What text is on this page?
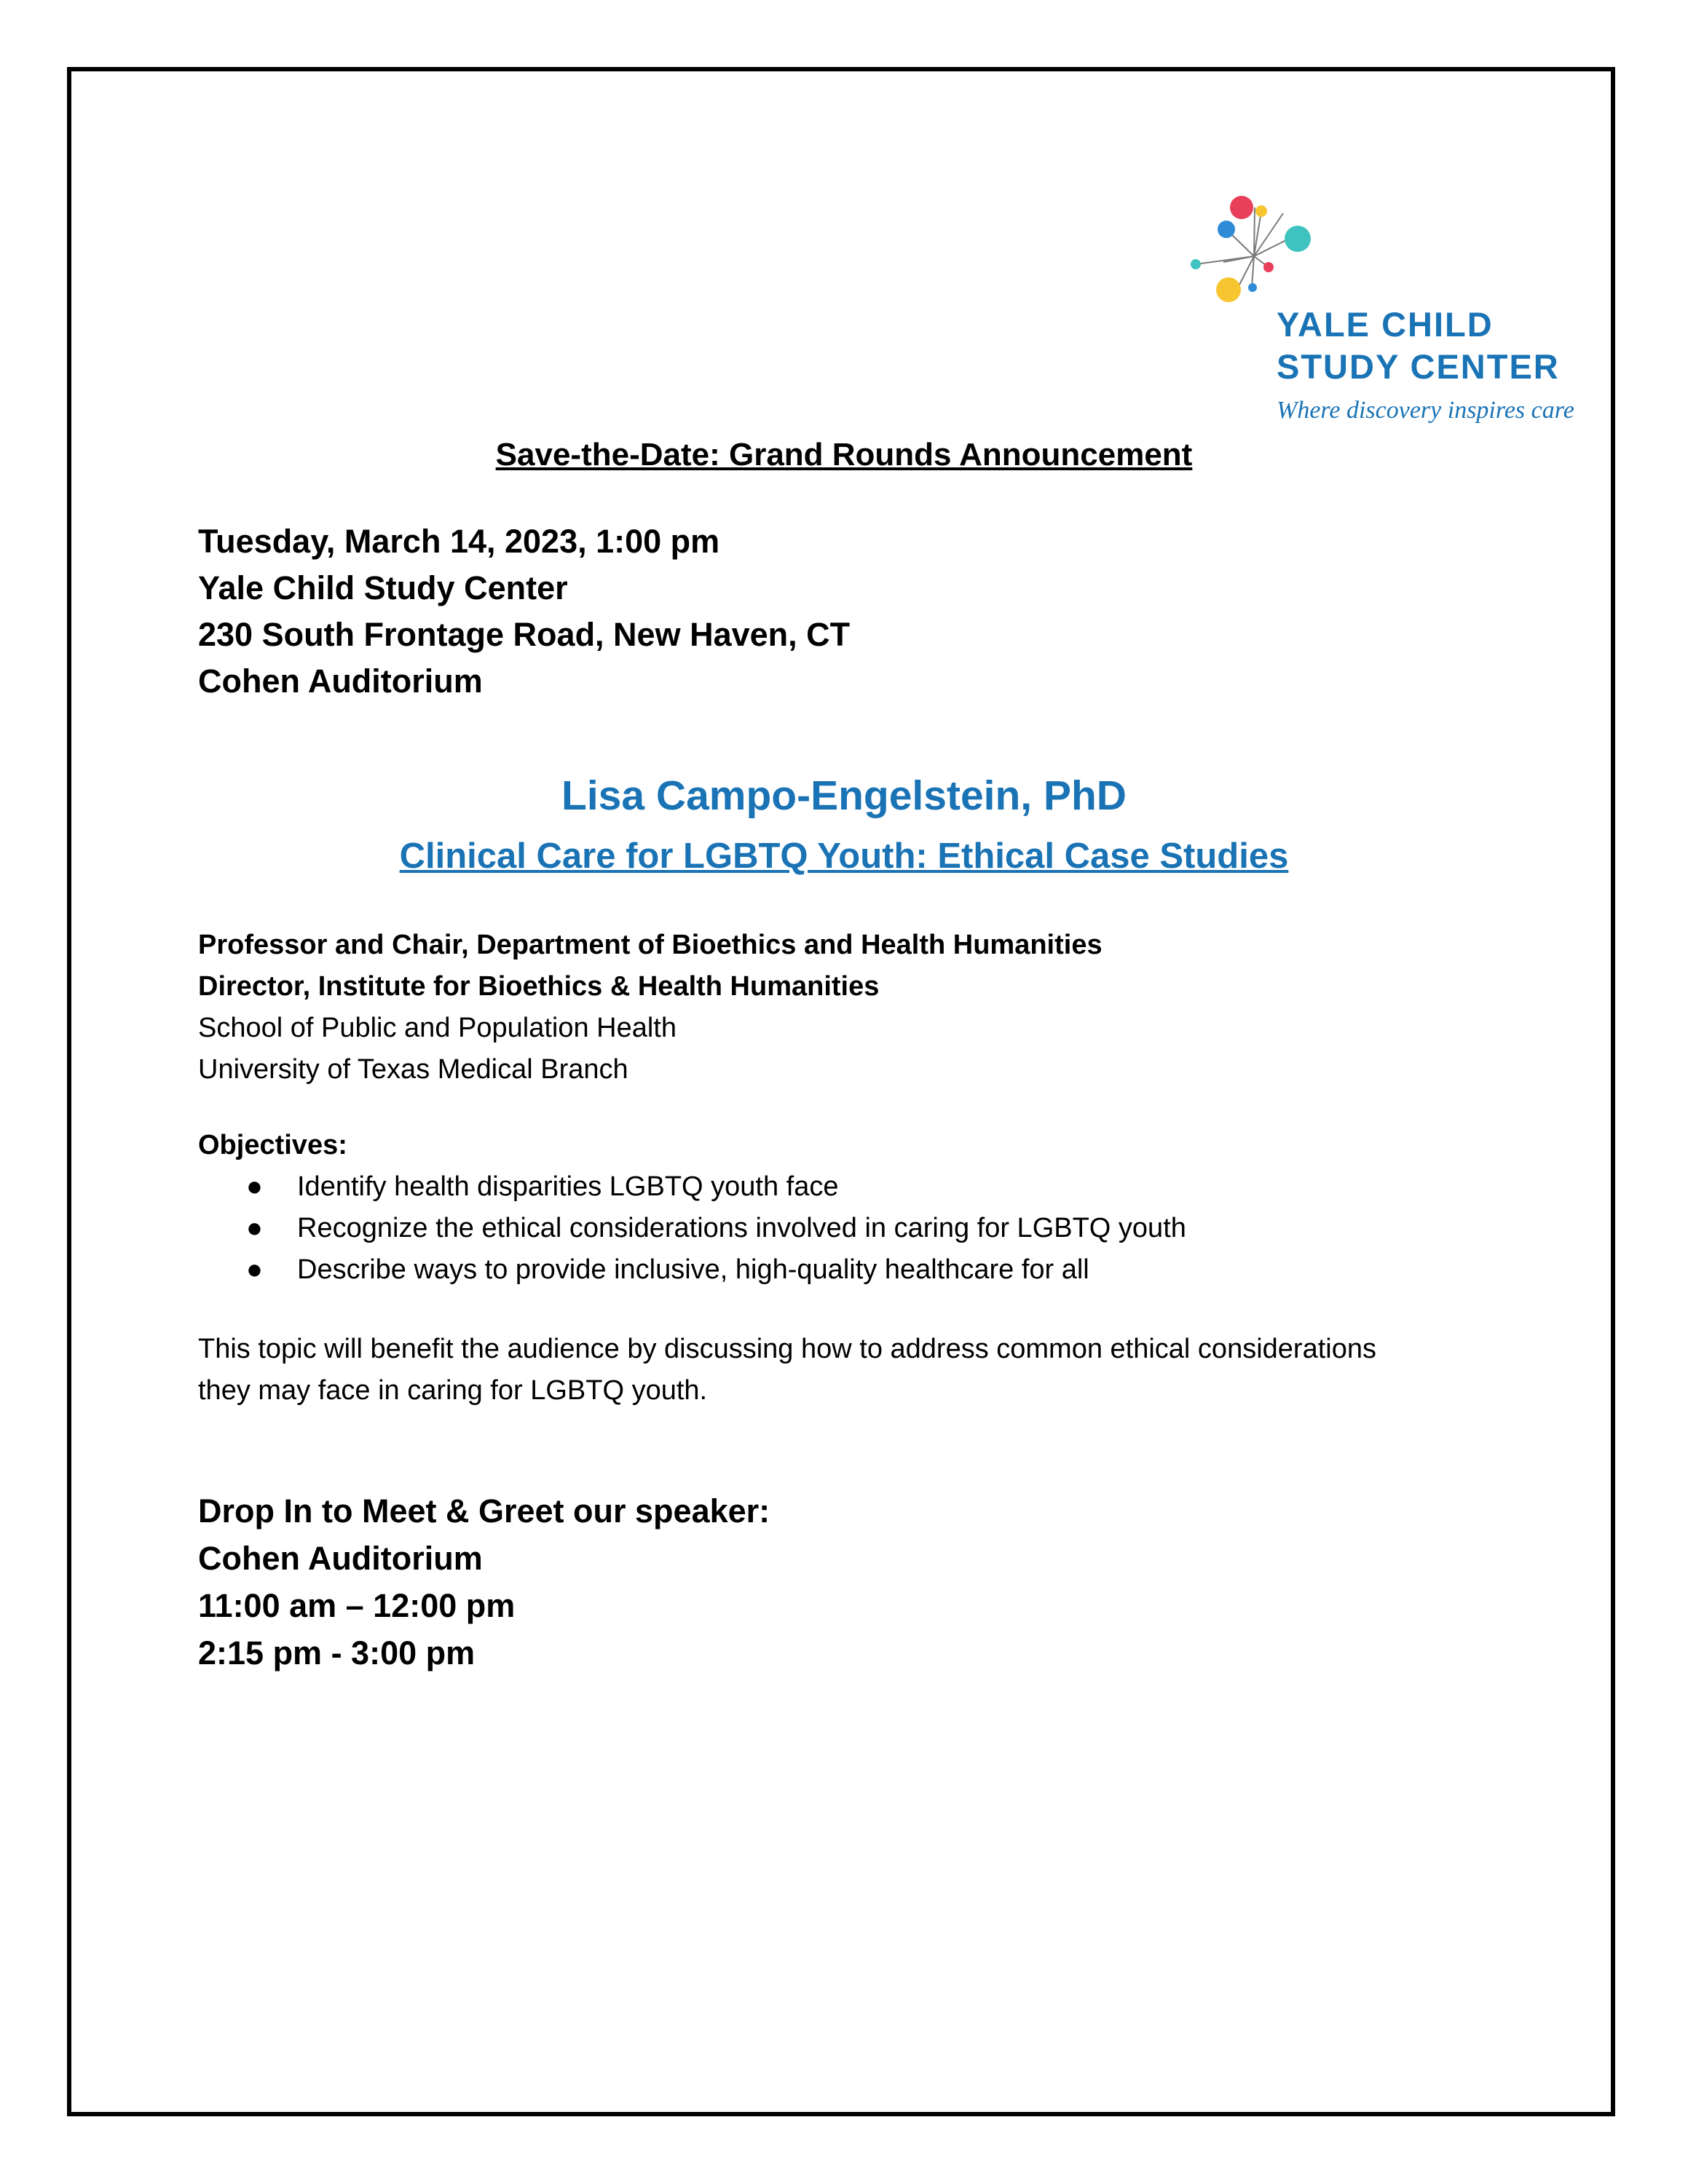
YALE CHILD
STUDY CENTER
Where discovery inspires care
Save-the-Date: Grand Rounds Announcement
Tuesday, March 14, 2023, 1:00 pm
Yale Child Study Center
230 South Frontage Road, New Haven, CT
Cohen Auditorium
Lisa Campo-Engelstein, PhD
Clinical Care for LGBTQ Youth: Ethical Case Studies
Professor and Chair, Department of Bioethics and Health Humanities
Director, Institute for Bioethics & Health Humanities
School of Public and Population Health
University of Texas Medical Branch
Objectives:
● Identify health disparities LGBTQ youth face
● Recognize the ethical considerations involved in caring for LGBTQ youth
● Describe ways to provide inclusive, high-quality healthcare for all
This topic will benefit the audience by discussing how to address common ethical considerations they may face in caring for LGBTQ youth.
Drop In to Meet & Greet our speaker:
Cohen Auditorium
11:00 am – 12:00 pm
2:15 pm - 3:00 pm
